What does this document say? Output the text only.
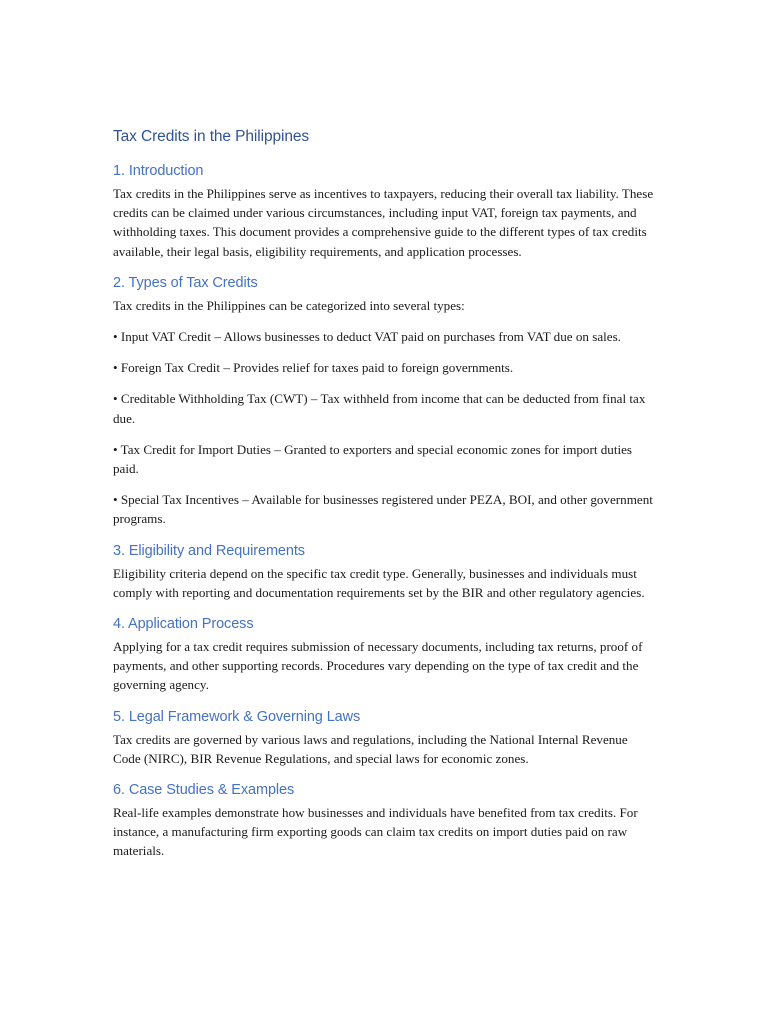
Tax Credits in the Philippines
1. Introduction

Tax credits in the Philippines serve as incentives to taxpayers, reducing their overall tax liability. These credits can be claimed under various circumstances, including input VAT, foreign tax payments, and withholding taxes. This document provides a comprehensive guide to the different types of tax credits available, their legal basis, eligibility requirements, and application processes.

2. Types of Tax Credits

Tax credits in the Philippines can be categorized into several types:

• Input VAT Credit – Allows businesses to deduct VAT paid on purchases from VAT due on sales.

• Foreign Tax Credit – Provides relief for taxes paid to foreign governments.

• Creditable Withholding Tax (CWT) – Tax withheld from income that can be deducted from final tax due.

• Tax Credit for Import Duties – Granted to exporters and special economic zones for import duties paid.

• Special Tax Incentives – Available for businesses registered under PEZA, BOI, and other government programs.

3. Eligibility and Requirements

Eligibility criteria depend on the specific tax credit type. Generally, businesses and individuals must comply with reporting and documentation requirements set by the BIR and other regulatory agencies.

4. Application Process

Applying for a tax credit requires submission of necessary documents, including tax returns, proof of payments, and other supporting records. Procedures vary depending on the type of tax credit and the governing agency.

5. Legal Framework & Governing Laws

Tax credits are governed by various laws and regulations, including the National Internal Revenue Code (NIRC), BIR Revenue Regulations, and special laws for economic zones.

6. Case Studies & Examples

Real-life examples demonstrate how businesses and individuals have benefited from tax credits. For instance, a manufacturing firm exporting goods can claim tax credits on import duties paid on raw materials.
